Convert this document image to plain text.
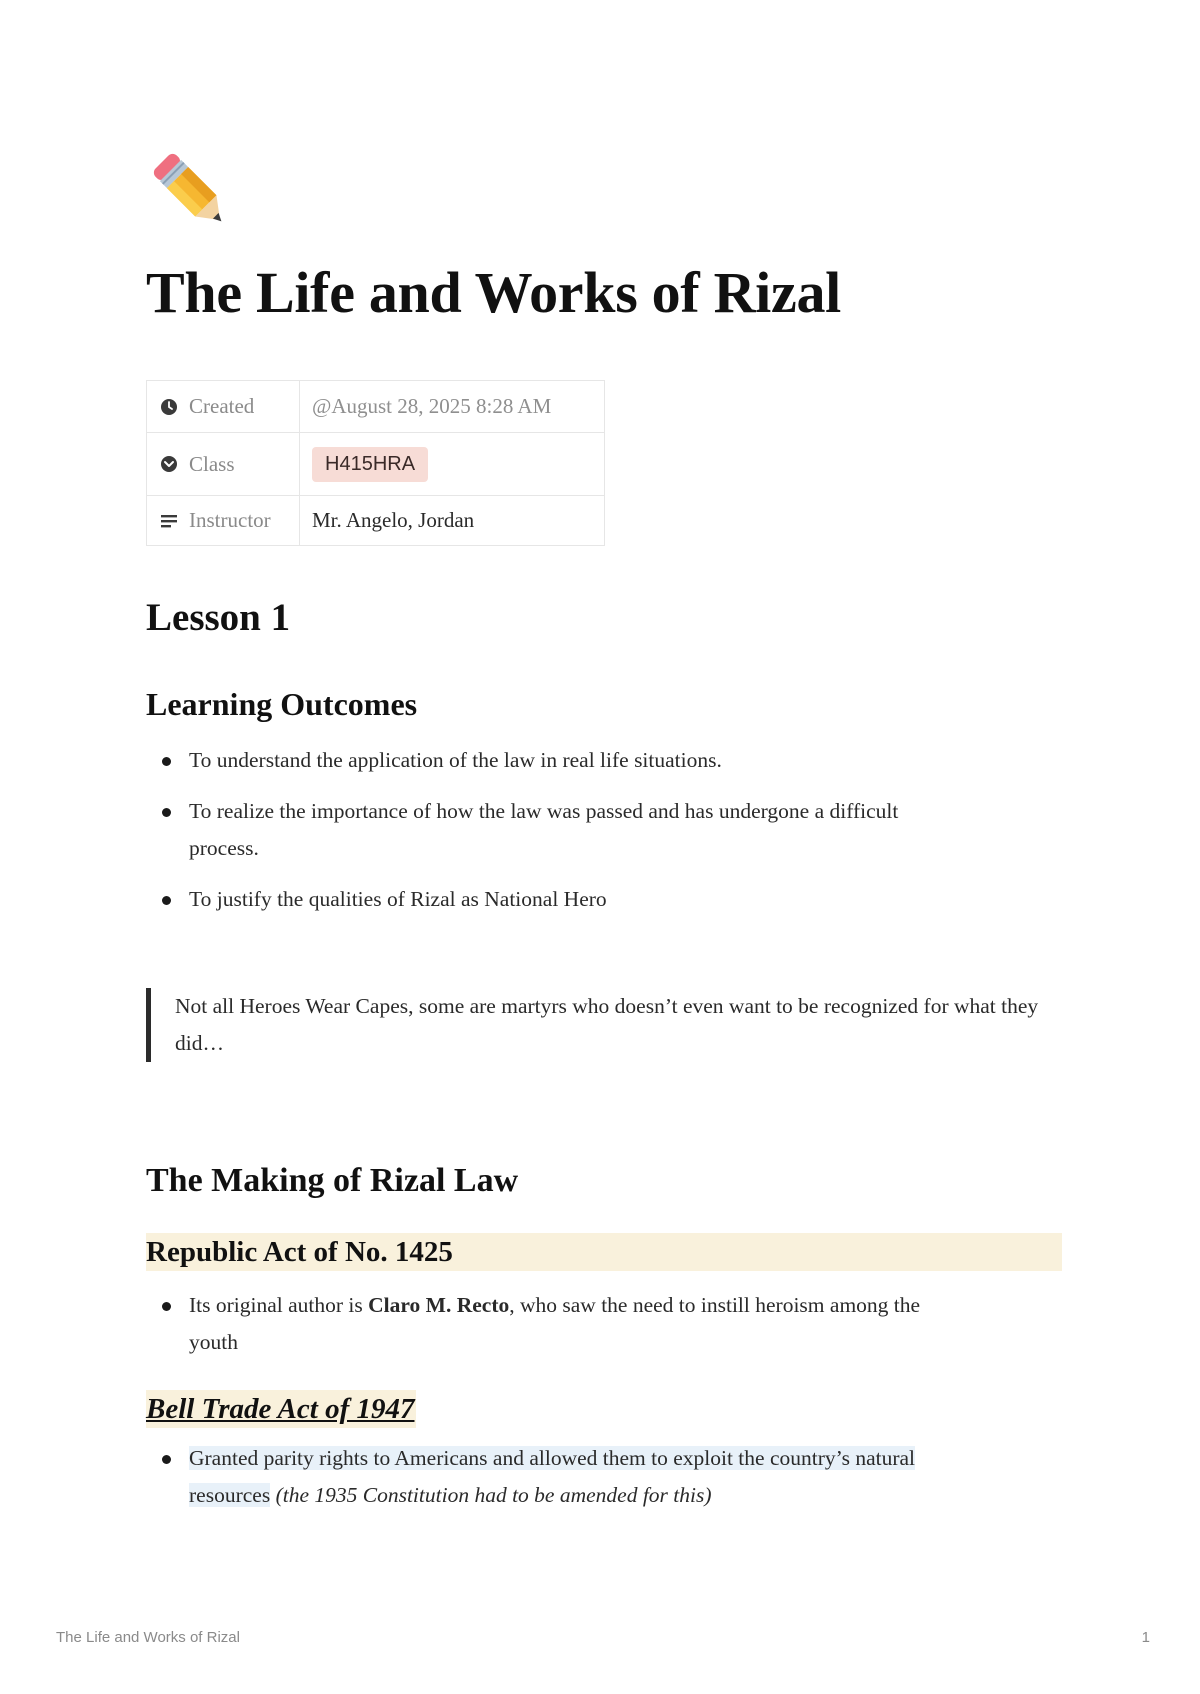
The Life and Works of Rizal
Created	@August 28, 2025 8:28 AM

Class	H415HRA

Instructor	Mr. Angelo, Jordan
Lesson 1
Learning Outcomes
To understand the application of the law in real life situations.
To realize the importance of how the law was passed and has undergone a difficult process.
To justify the qualities of Rizal as National Hero
Not all Heroes Wear Capes, some are martyrs who doesn’t even want to be recognized for what they did…
The Making of Rizal Law
Republic Act of No. 1425
Its original author is Claro M. Recto, who saw the need to instill heroism among the youth
Bell Trade Act of 1947
Granted parity rights to Americans and allowed them to exploit the country’s natural resources (the 1935 Constitution had to be amended for this)
The Life and Works of Rizal	1
